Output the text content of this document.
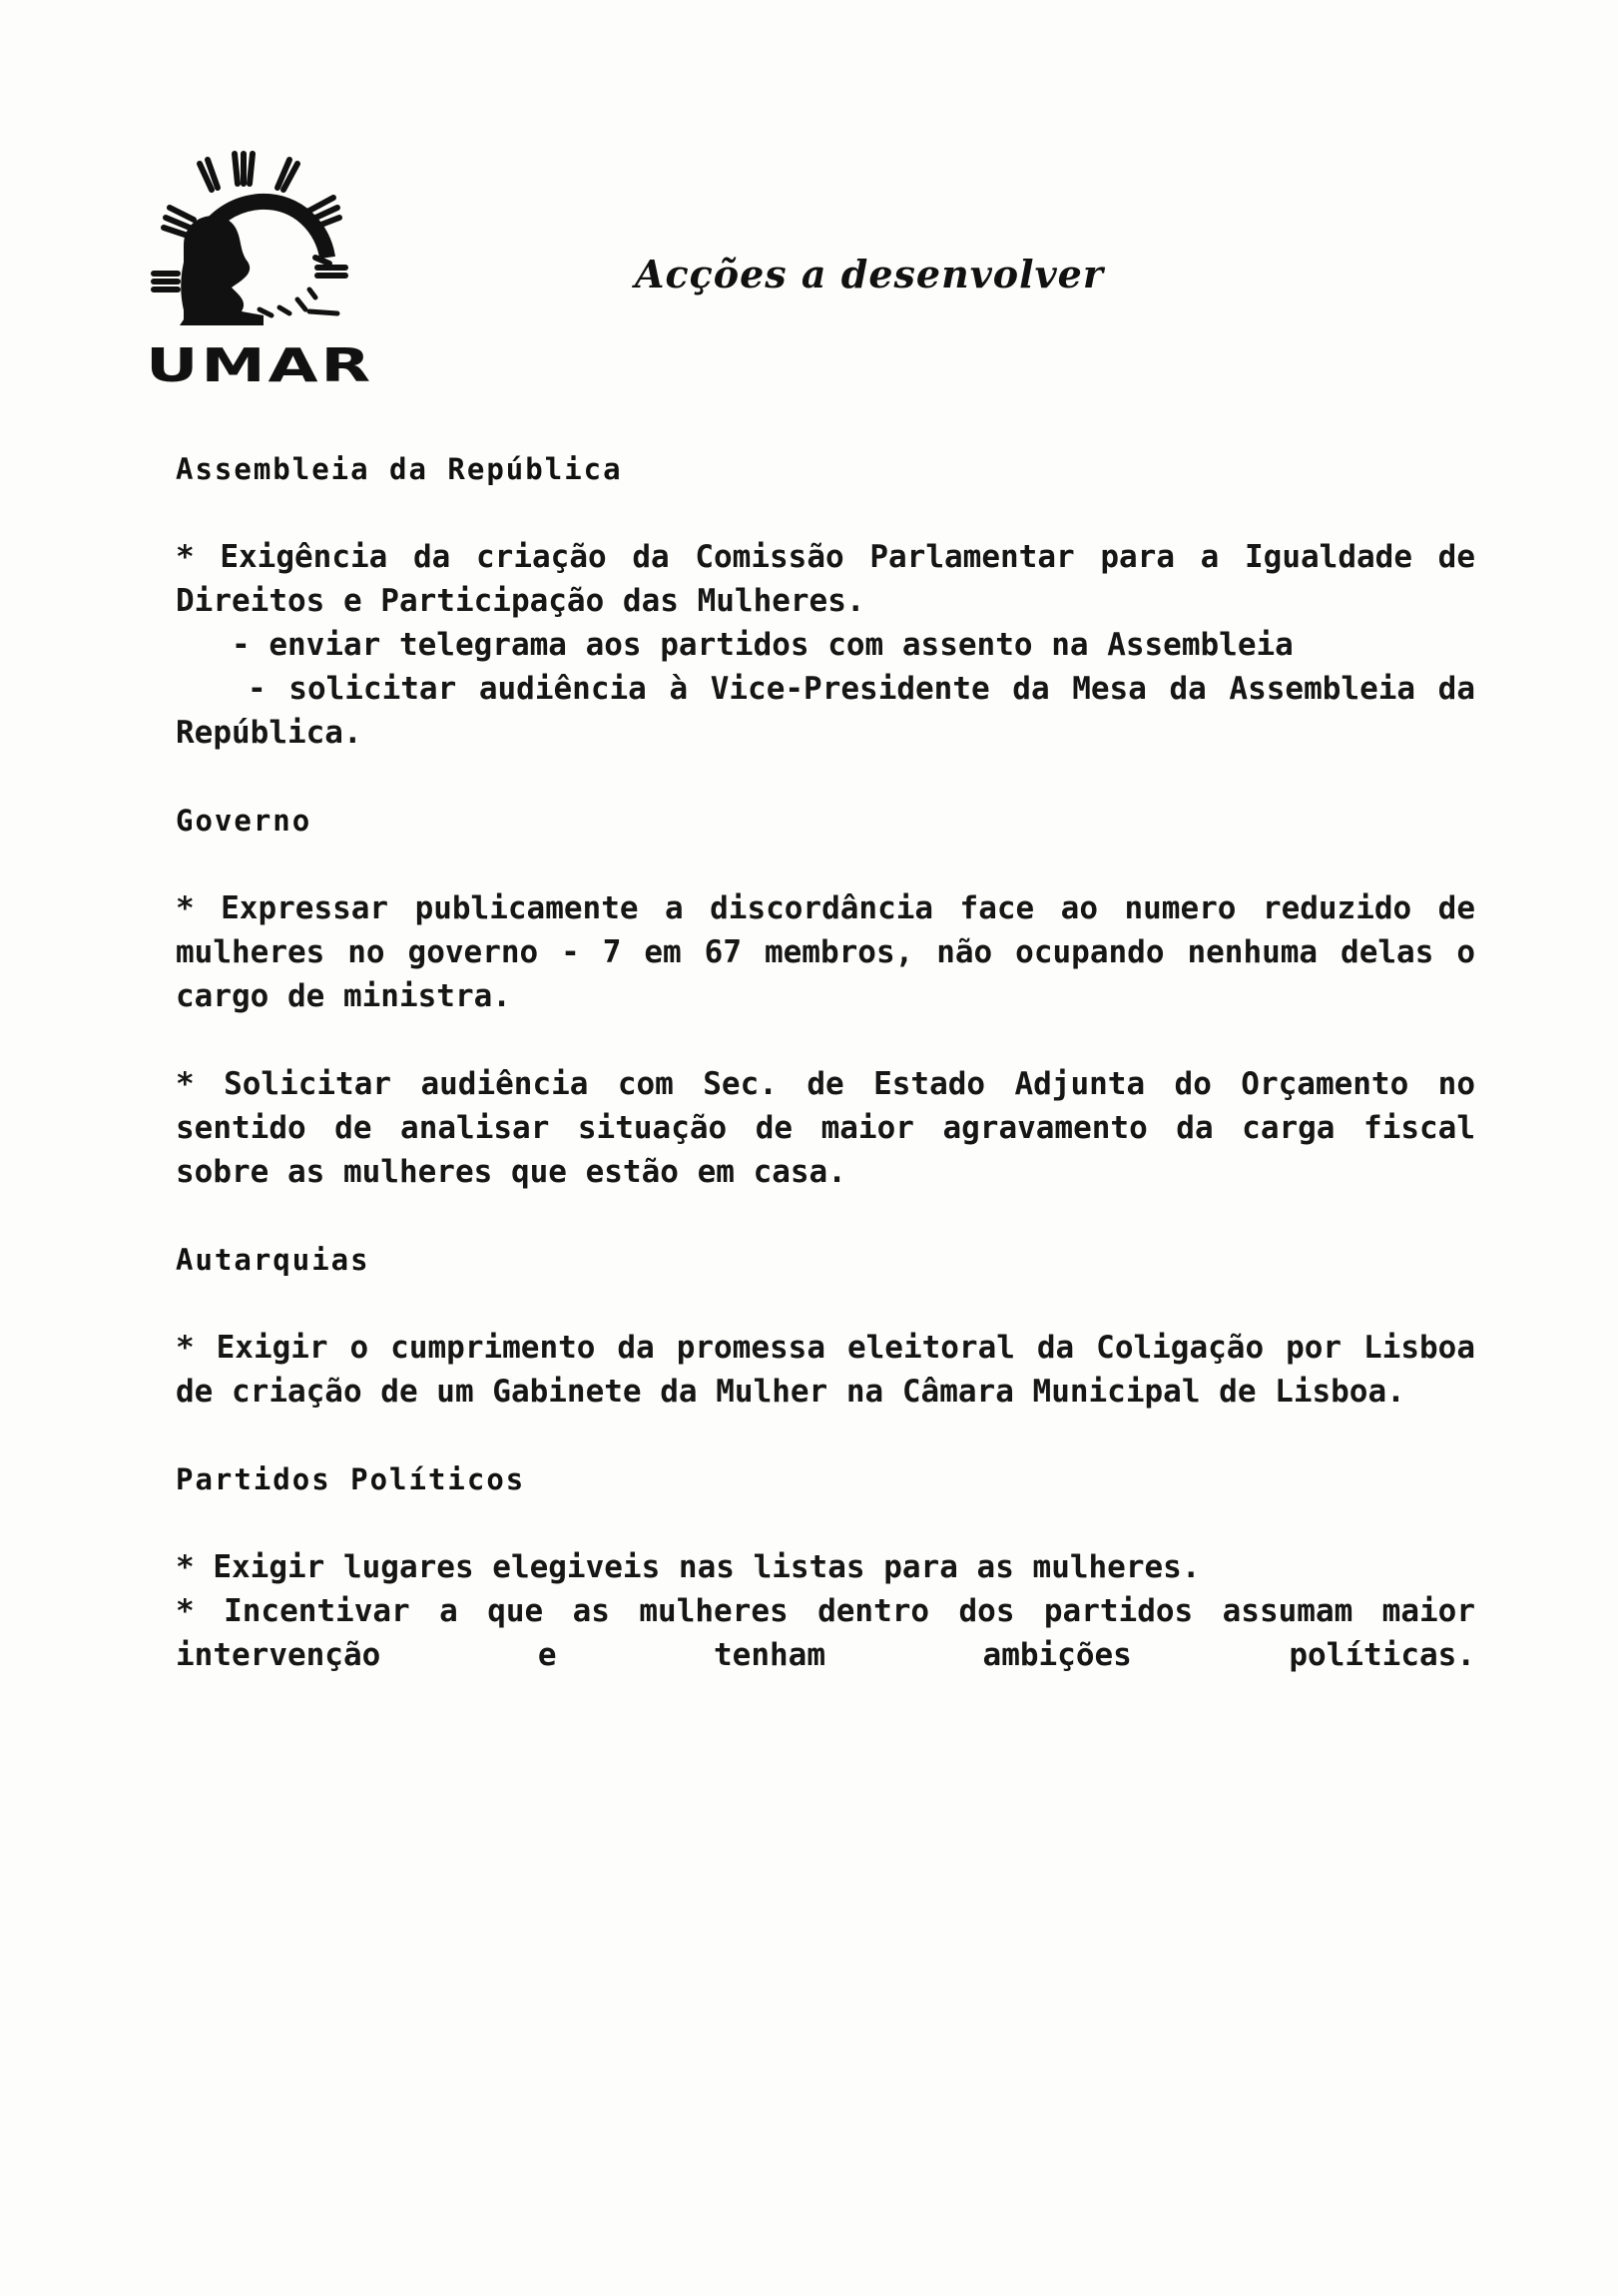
UMAR
Acções a desenvolver
Assembleia da República

* Exigência da criação da Comissão Parlamentar para a Igualdade de Direitos e Participação das Mulheres.

- enviar telegrama aos partidos com assento na Assembleia

- solicitar audiência à Vice-Presidente da Mesa da Assembleia da República.

Governo

* Expressar publicamente a discordância face ao numero reduzido de mulheres no governo - 7 em 67 membros, não ocupando nenhuma delas o cargo de ministra.

* Solicitar audiência com Sec. de Estado Adjunta do Orçamento no sentido de analisar situação de maior agravamento da carga fiscal sobre as mulheres que estão em casa.

Autarquias

* Exigir o cumprimento da promessa eleitoral da Coligação por Lisboa de criação de um Gabinete da Mulher na Câmara Municipal de Lisboa.

Partidos Políticos

* Exigir lugares elegiveis nas listas para as mulheres.

* Incentivar a que as mulheres dentro dos partidos assumam maior intervenção e tenham ambições políticas.
